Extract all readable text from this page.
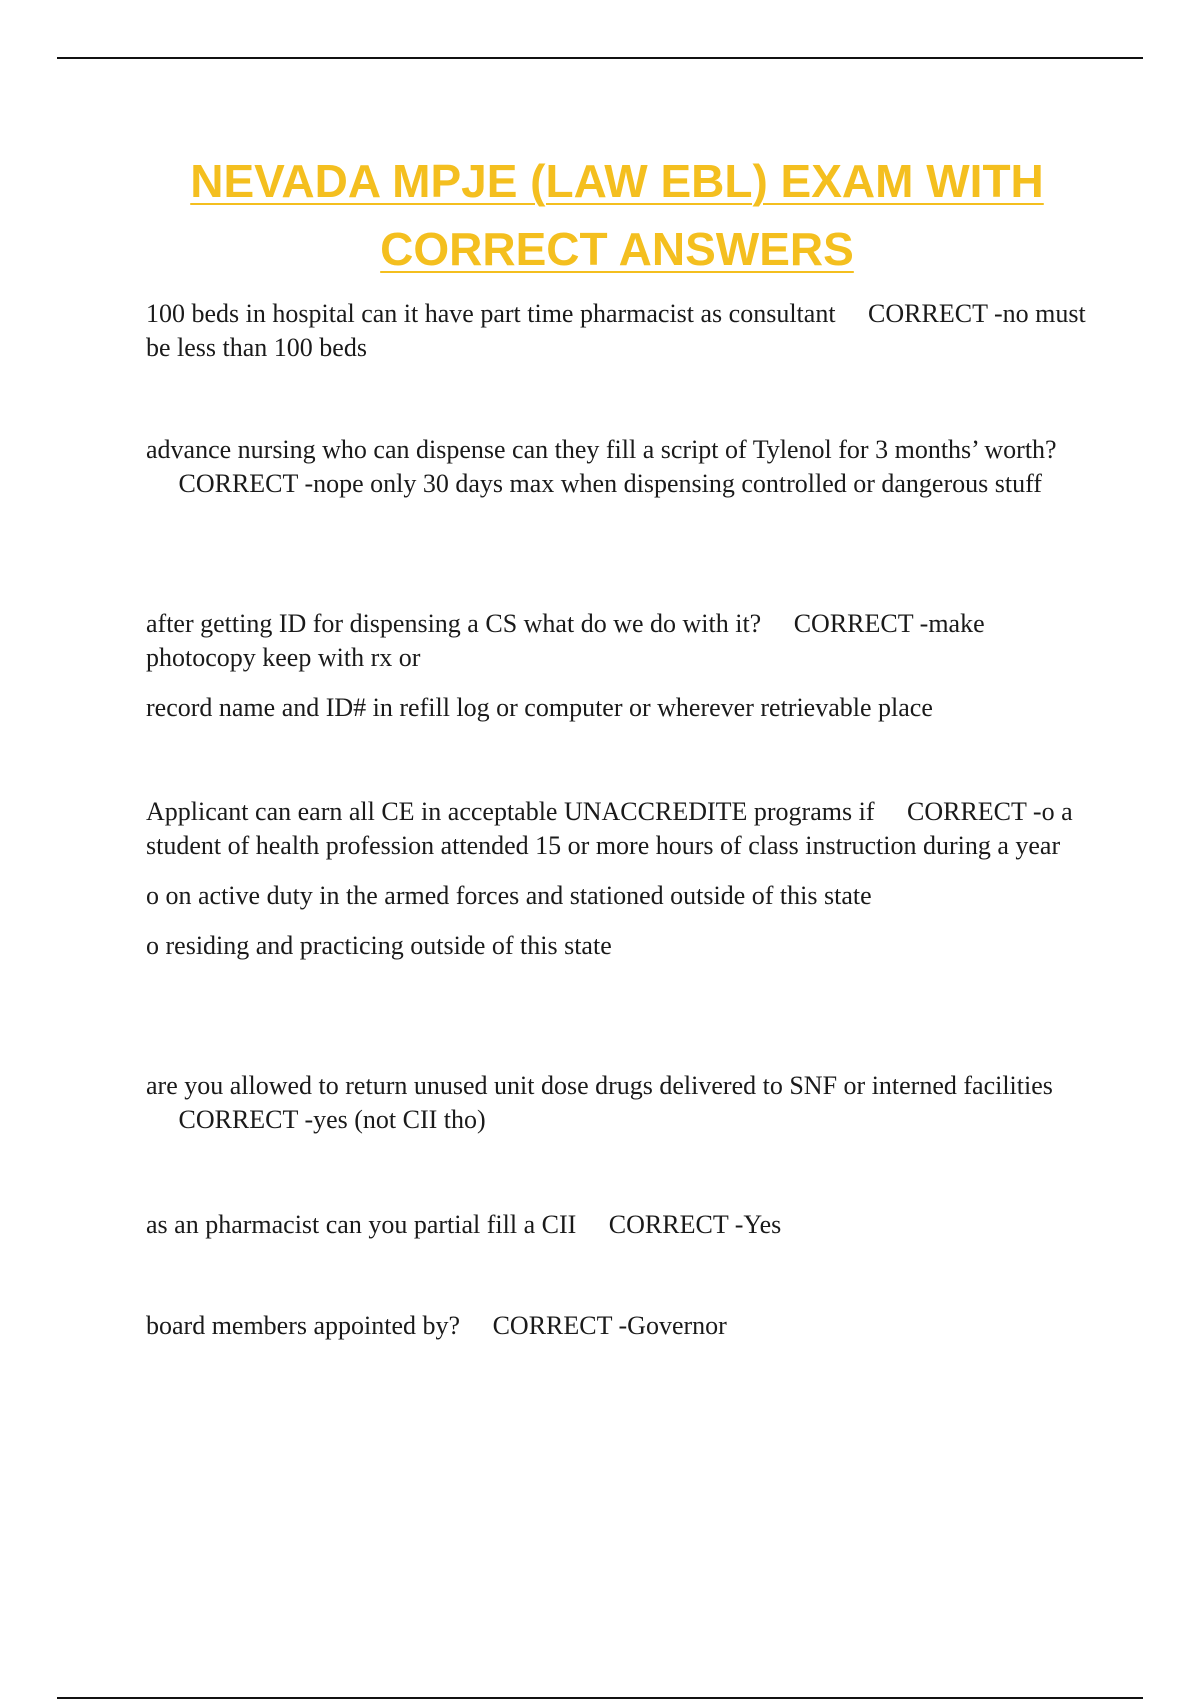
NEVADA MPJE (LAW EBL) EXAM WITH
CORRECT ANSWERS

100 beds in hospital can it have part time pharmacist as consultant CORRECT -no must be less than 100 beds

advance nursing who can dispense can they fill a script of Tylenol for 3 months’ worth?     CORRECT -nope only 30 days max when dispensing controlled or dangerous stuff

after getting ID for dispensing a CS what do we do with it? CORRECT -make photocopy keep with rx or

record name and ID# in refill log or computer or wherever retrievable place

Applicant can earn all CE in acceptable UNACCREDITE programs if CORRECT -o a student of health profession attended 15 or more hours of class instruction during a year

o on active duty in the armed forces and stationed outside of this state

o residing and practicing outside of this state

are you allowed to return unused unit dose drugs delivered to SNF or interned facilities     CORRECT -yes (not CII tho)

as an pharmacist can you partial fill a CII CORRECT -Yes

board members appointed by? CORRECT -Governor
